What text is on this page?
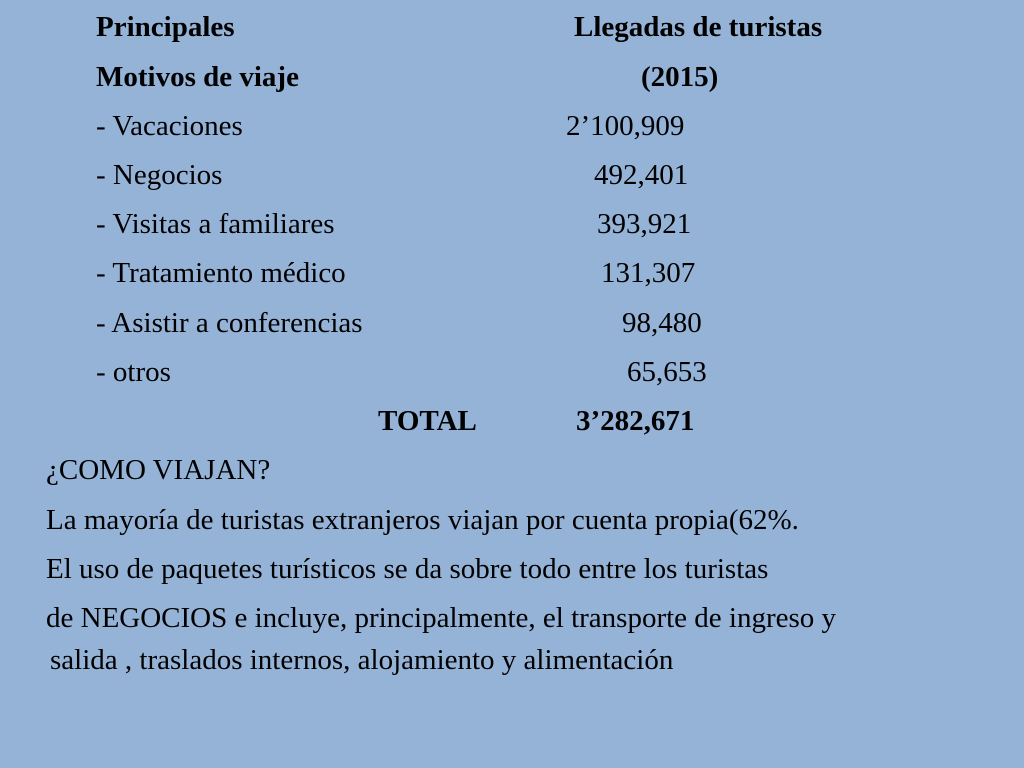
Principales	Llegadas de turistas
Motivos de viaje	(2015)
- Vacaciones	2’100,909
- Negocios	492,401
- Visitas a familiares	393,921
- Tratamiento médico	131,307
- Asistir a conferencias	98,480
- otros	65,653
TOTAL	3’282,671
¿COMO VIAJAN?
La mayoría de turistas extranjeros viajan por cuenta propia(62%.
El uso de paquetes turísticos se da sobre todo entre los turistas
de NEGOCIOS e incluye, principalmente, el transporte de ingreso y
salida , traslados internos, alojamiento y alimentación
